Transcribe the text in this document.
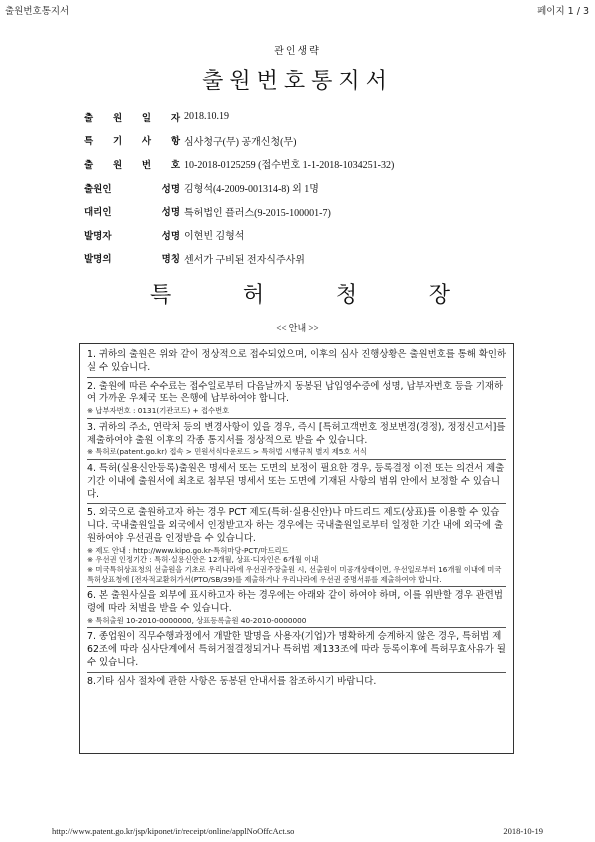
출원번호통지서	페이지 1 / 3
관인생략
출원번호통지서
출 원 일 자 2018.10.19
특 기 사 항 심사청구(무) 공개신청(무)
출 원 번 호 10-2018-0125259 (접수번호 1-1-2018-1034251-32)
출원인	성명 김형석(4-2009-001314-8) 외 1명
대리인	성명 특허법인 플러스(9-2015-100001-7)
발명자	성명 이현빈 김형석
발명의	명칭 센서가 구비된 전자식주사위
특	허	청	장
<< 안내 >>
1. 귀하의 출원은 위와 같이 정상적으로 접수되었으며, 이후의 심사 진행상황은 출원번호를 통해 확인하실 수 있습니다.
2. 출원에 따른 수수료는 접수일로부터 다음날까지 동봉된 납입영수증에 성명, 납부자번호 등을 기재하여 가까운 우체국 또는 은행에 납부하여야 합니다.
※ 납부자번호 : 0131(기관코드) + 접수번호
3. 귀하의 주소, 연락처 등의 변경사항이 있을 경우, 즉시 [특허고객번호 정보변경(경정), 정정신고서]를 제출하여야 출원 이후의 각종 통지서를 정상적으로 받을 수 있습니다.
※ 특허로(patent.go.kr) 접속 > 민원서식다운로드 > 특허법 시행규칙 별지 제5호 서식
4. 특허(실용신안등록)출원은 명세서 또는 도면의 보정이 필요한 경우, 등록결정 이전 또는 의견서 제출기간 이내에 출원서에 최초로 첨부된 명세서 또는 도면에 기재된 사항의 범위 안에서 보정할 수 있습니다.
5. 외국으로 출원하고자 하는 경우 PCT 제도(특허·실용신안)나 마드리드 제도(상표)를 이용할 수 있습니다. 국내출원일을 외국에서 인정받고자 하는 경우에는 국내출원일로부터 일정한 기간 내에 외국에 출원하여야 우선권을 인정받을 수 있습니다.
※ 제도 안내 : http://www.kipo.go.kr-특허마당-PCT/마드리드
※ 우선권 인정기간 : 특허·실용신안은 12개월, 상표·디자인은 6개월 이내
※ 미국특허상표청의 선출원을 기초로 우리나라에 우선권주장출원 시, 선출원이 미공개상태이면, 우선일로부터 16개월 이내에 미국특허상표청에 [전자적교환허가서(PTO/SB/39)를 제출하거나 우리나라에 우선권 증명서류를 제출하여야 합니다.
6. 본 출원사실을 외부에 표시하고자 하는 경우에는 아래와 같이 하여야 하며, 이를 위반할 경우 관련법령에 따라 처벌을 받을 수 있습니다.
※ 특허출원 10-2010-0000000, 상표등록출원 40-2010-0000000
7. 종업원이 직무수행과정에서 개발한 발명을 사용자(기업)가 명확하게 승계하지 않은 경우, 특허법 제62조에 따라 심사단계에서 특허거절결정되거나 특허법 제133조에 따라 등록이후에 특허무효사유가 될 수 있습니다.
8.기타 심사 절차에 관한 사항은 동봉된 안내서를 참조하시기 바랍니다.
http://www.patent.go.kr/jsp/kiponet/ir/receipt/online/applNoOffcAct.so	2018-10-19
